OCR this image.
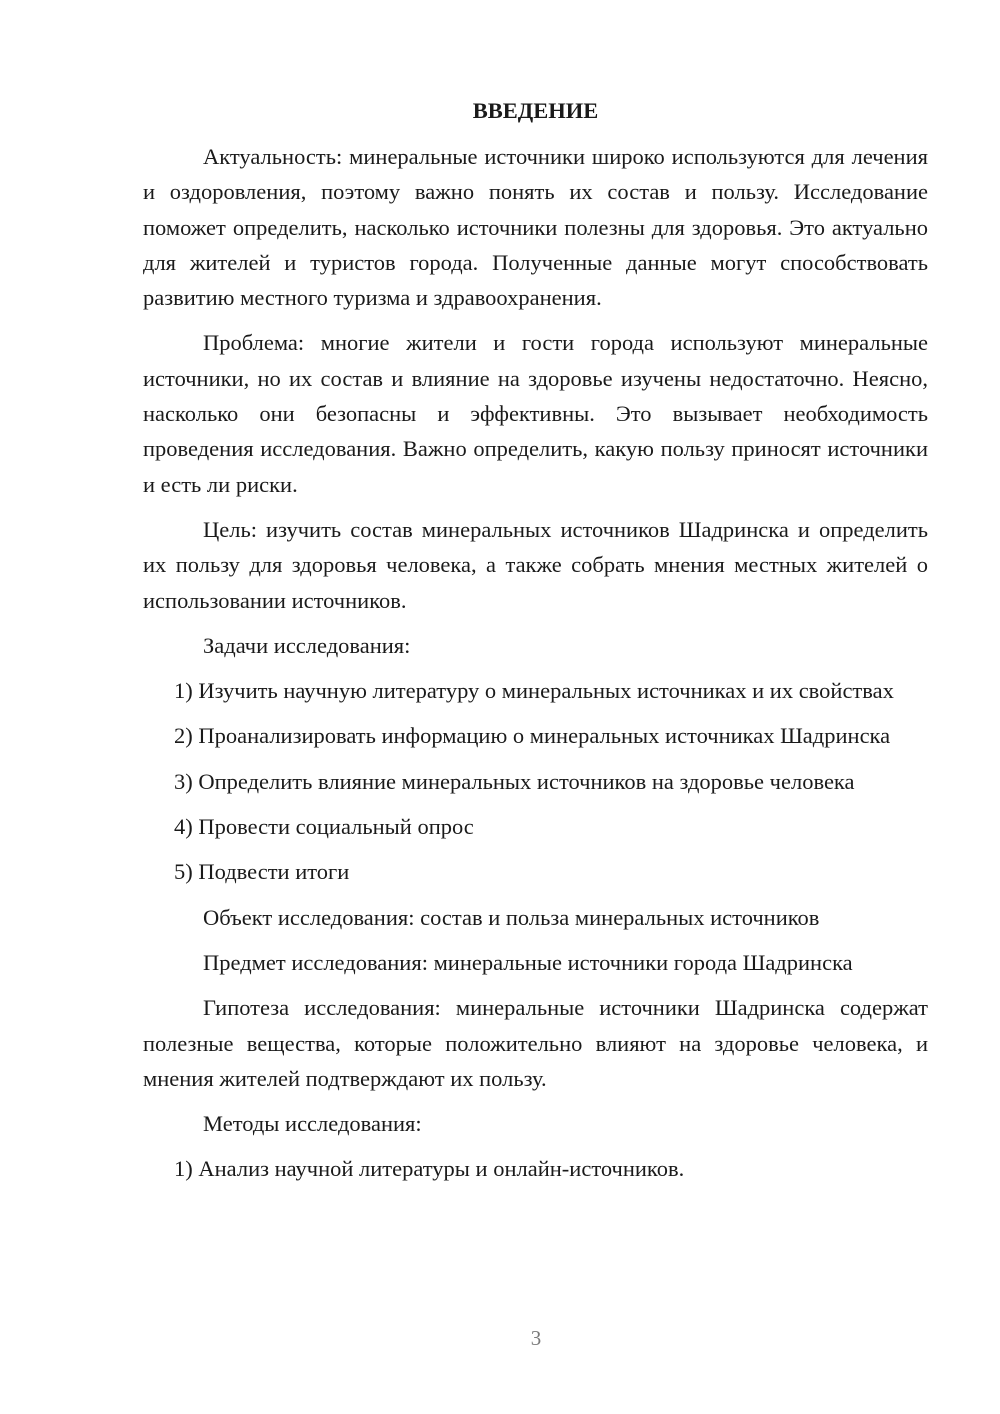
ВВЕДЕНИЕ

Актуальность: минеральные источники широко используются для лечения и оздоровления, поэтому важно понять их состав и пользу. Исследование поможет определить, насколько источники полезны для здоровья. Это актуально для жителей и туристов города. Полученные данные могут способствовать развитию местного туризма и здравоохранения.

Проблема: многие жители и гости города используют минеральные источники, но их состав и влияние на здоровье изучены недостаточно. Неясно, насколько они безопасны и эффективны. Это вызывает необходимость проведения исследования. Важно определить, какую пользу приносят источники и есть ли риски.

Цель: изучить состав минеральных источников Шадринска и определить их пользу для здоровья человека, а также собрать мнения местных жителей о использовании источников.

Задачи исследования:

1) Изучить научную литературу о минеральных источниках и их свойствах

2) Проанализировать информацию о минеральных источниках Шадринска

3) Определить влияние минеральных источников на здоровье человека

4) Провести социальный опрос

5) Подвести итоги

Объект исследования: состав и польза минеральных источников

Предмет исследования: минеральные источники города Шадринска

Гипотеза исследования: минеральные источники Шадринска содержат полезные вещества, которые положительно влияют на здоровье человека, и мнения жителей подтверждают их пользу.

Методы исследования:

1) Анализ научной литературы и онлайн-источников.

3
